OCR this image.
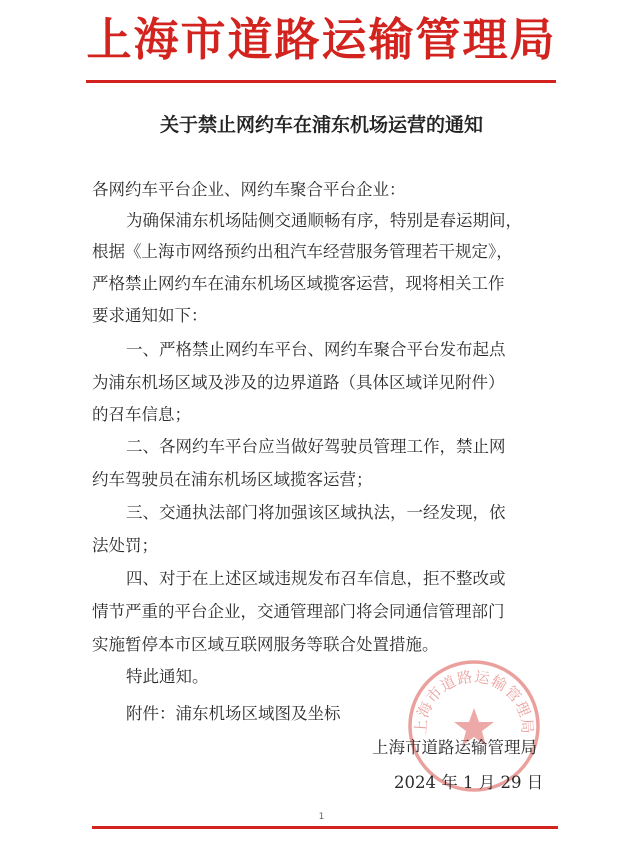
上海市道路运输管理局
关于禁止网约车在浦东机场运营的通知
各网约车平台企业、网约车聚合平台企业：
为确保浦东机场陆侧交通顺畅有序，特别是春运期间，
根据《上海市网络预约出租汽车经营服务管理若干规定》，
严格禁止网约车在浦东机场区域揽客运营，现将相关工作
要求通知如下：
一、严格禁止网约车平台、网约车聚合平台发布起点
为浦东机场区域及涉及的边界道路（具体区域详见附件）
的召车信息；
二、各网约车平台应当做好驾驶员管理工作，禁止网
约车驾驶员在浦东机场区域揽客运营；
三、交通执法部门将加强该区域执法，一经发现，依
法处罚；
四、对于在上述区域违规发布召车信息，拒不整改或
情节严重的平台企业，交通管理部门将会同通信管理部门
实施暂停本市区域互联网服务等联合处置措施。
特此通知。
附件：浦东机场区域图及坐标
上海市道路运输管理局
上海市道路运输管理局
2024 年 1 月 29 日
1
